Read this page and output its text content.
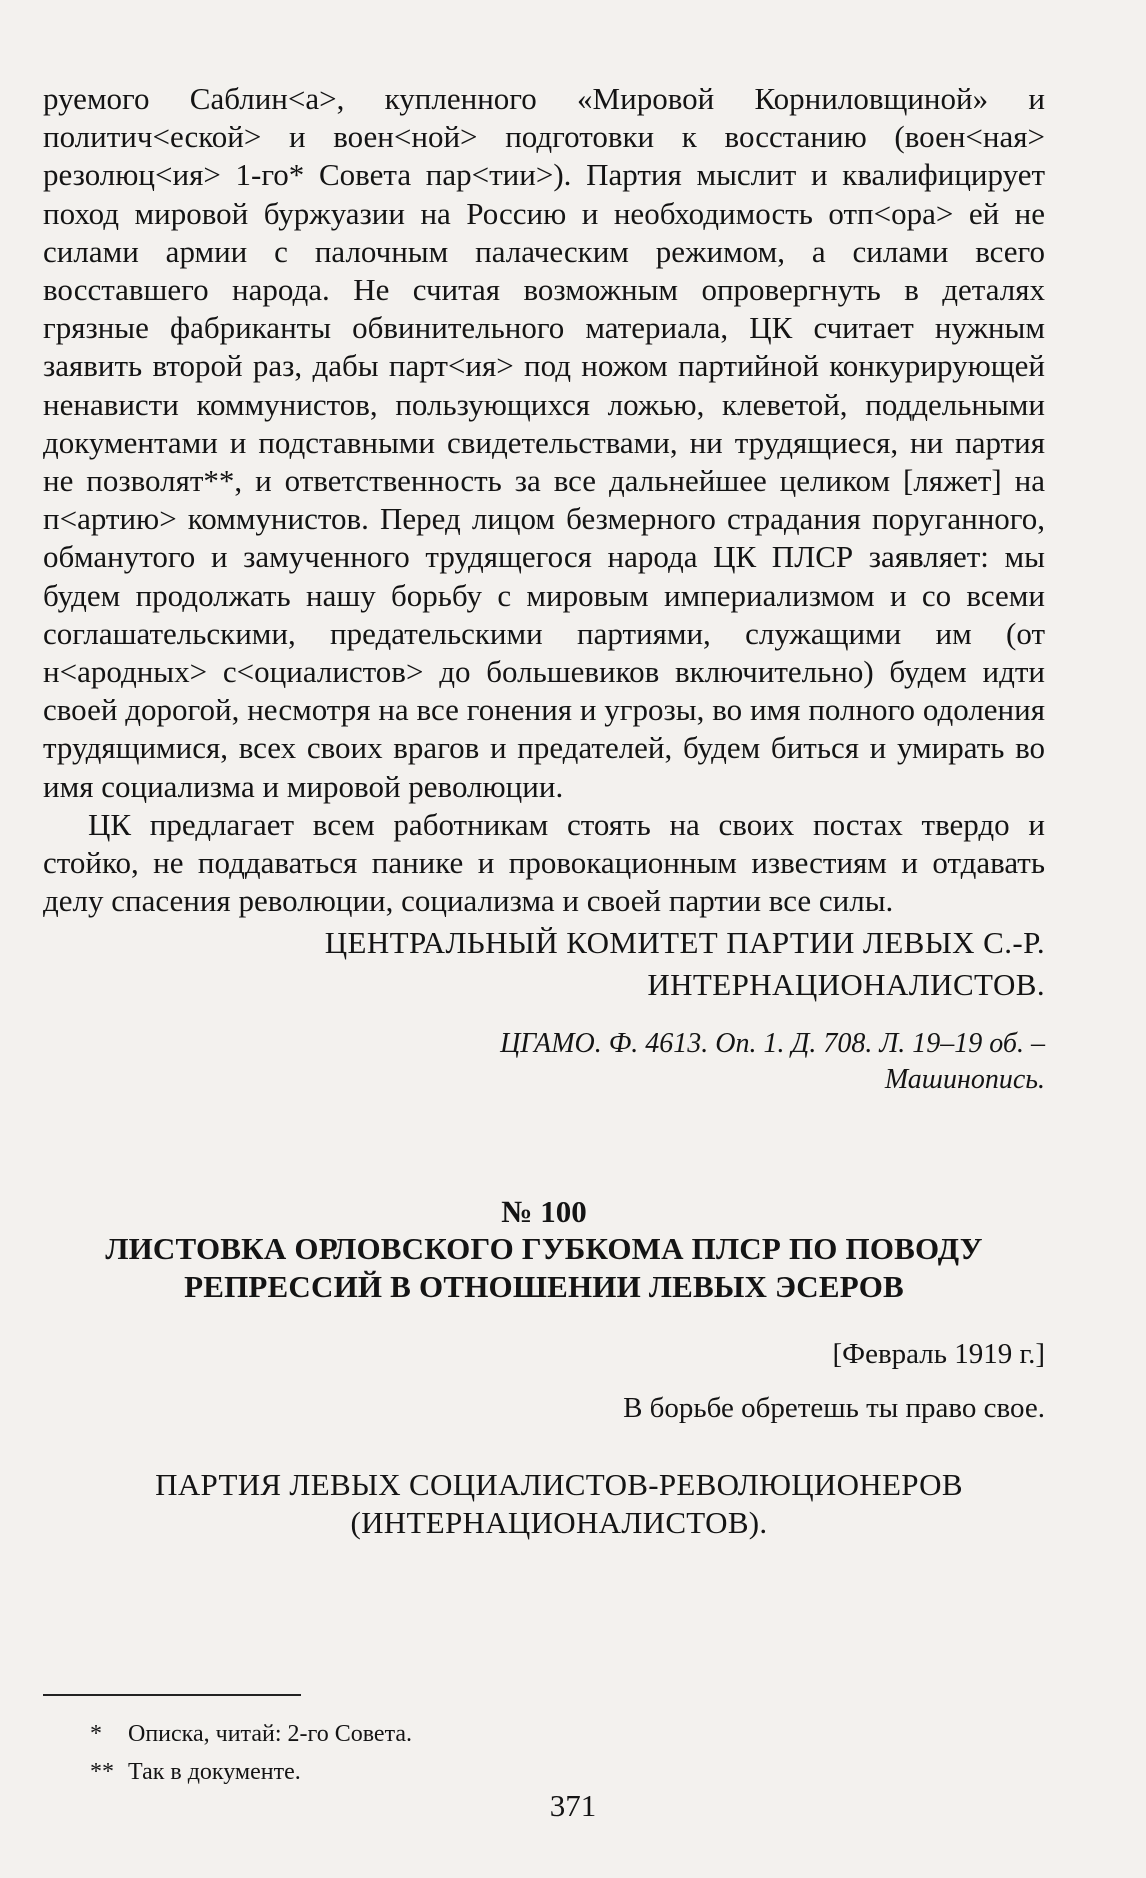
руемого Саблин<а>, купленного «Мировой Корниловщиной» и политич<еской> и воен<ной> подготовки к восстанию (воен<ная> резолюц<ия> 1-го* Совета пар<тии>). Партия мыслит и квалифицирует поход мировой буржуазии на Россию и необходимость отп<ора> ей не силами армии с палочным палаческим режимом, а силами всего восставшего народа. Не считая возможным опровергнуть в деталях грязные фабриканты обвинительного материала, ЦК считает нужным заявить второй раз, дабы парт<ия> под ножом партийной конкурирующей ненависти коммунистов, пользующихся ложью, клеветой, поддельными документами и подставными свидетельствами, ни трудящиеся, ни партия не позволят**, и ответственность за все дальнейшее целиком [ляжет] на п<артию> коммунистов. Перед лицом безмерного страдания поруганного, обманутого и замученного трудящегося народа ЦК ПЛСР заявляет: мы будем продолжать нашу борьбу с мировым империализмом и со всеми соглашательскими, предательскими партиями, служащими им (от н<ародных> с<оциалистов> до большевиков включительно) будем идти своей дорогой, несмотря на все гонения и угрозы, во имя полного одоления трудящимися, всех своих врагов и предателей, будем биться и умирать во имя социализма и мировой революции.

ЦК предлагает всем работникам стоять на своих постах твердо и стойко, не поддаваться панике и провокационным известиям и отдавать делу спасения революции, социализма и своей партии все силы.

ЦЕНТРАЛЬНЫЙ КОМИТЕТ ПАРТИИ ЛЕВЫХ С.-Р.
ИНТЕРНАЦИОНАЛИСТОВ.
ЦГАМО. Ф. 4613. Оп. 1. Д. 708. Л. 19–19 об. –
Машинопись.
№ 100
ЛИСТОВКА ОРЛОВСКОГО ГУБКОМА ПЛСР ПО ПОВОДУ
РЕПРЕССИЙ В ОТНОШЕНИИ ЛЕВЫХ ЭСЕРОВ
[Февраль 1919 г.]
В борьбе обретешь ты право свое.
ПАРТИЯ ЛЕВЫХ СОЦИАЛИСТОВ-РЕВОЛЮЦИОНЕРОВ
(ИНТЕРНАЦИОНАЛИСТОВ).
* Описка, читай: 2-го Совета.
** Так в документе.
371
